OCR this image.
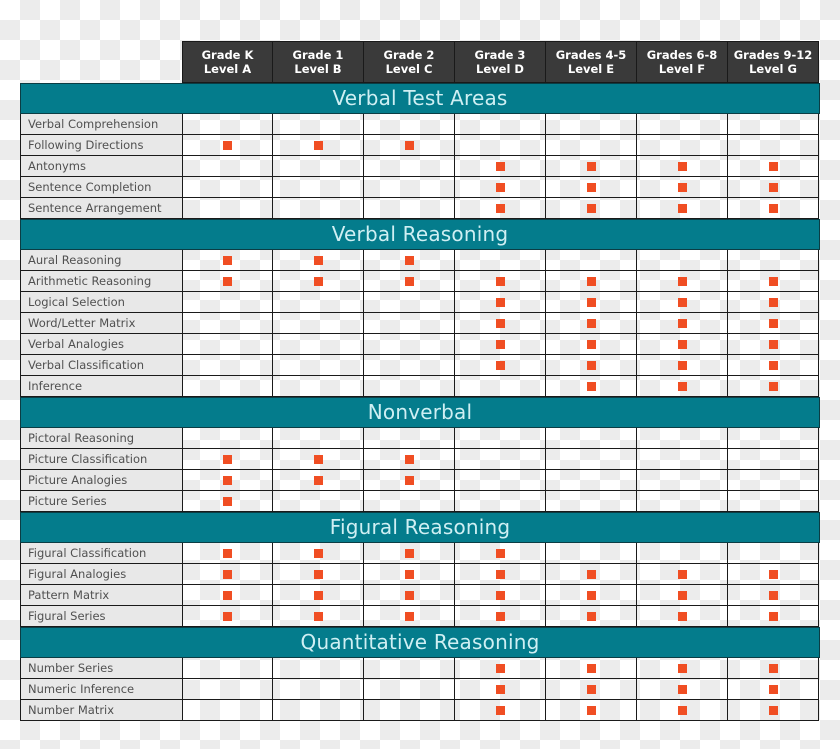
Grade K
Level A
Grade 1
Level B
Grade 2
Level C
Grade 3
Level D
Grades 4-5
Level E
Grades 6-8
Level F
Grades 9-12
Level G
Verbal Test Areas
Verbal Comprehension
Following Directions
Antonyms
Sentence Completion
Sentence Arrangement
Verbal Reasoning
Aural Reasoning
Arithmetic Reasoning
Logical Selection
Word/Letter Matrix
Verbal Analogies
Verbal Classification
Inference
Nonverbal
Pictoral Reasoning
Picture Classification
Picture Analogies
Picture Series
Figural Reasoning
Figural Classification
Figural Analogies
Pattern Matrix
Figural Series
Quantitative Reasoning
Number Series
Numeric Inference
Number Matrix
